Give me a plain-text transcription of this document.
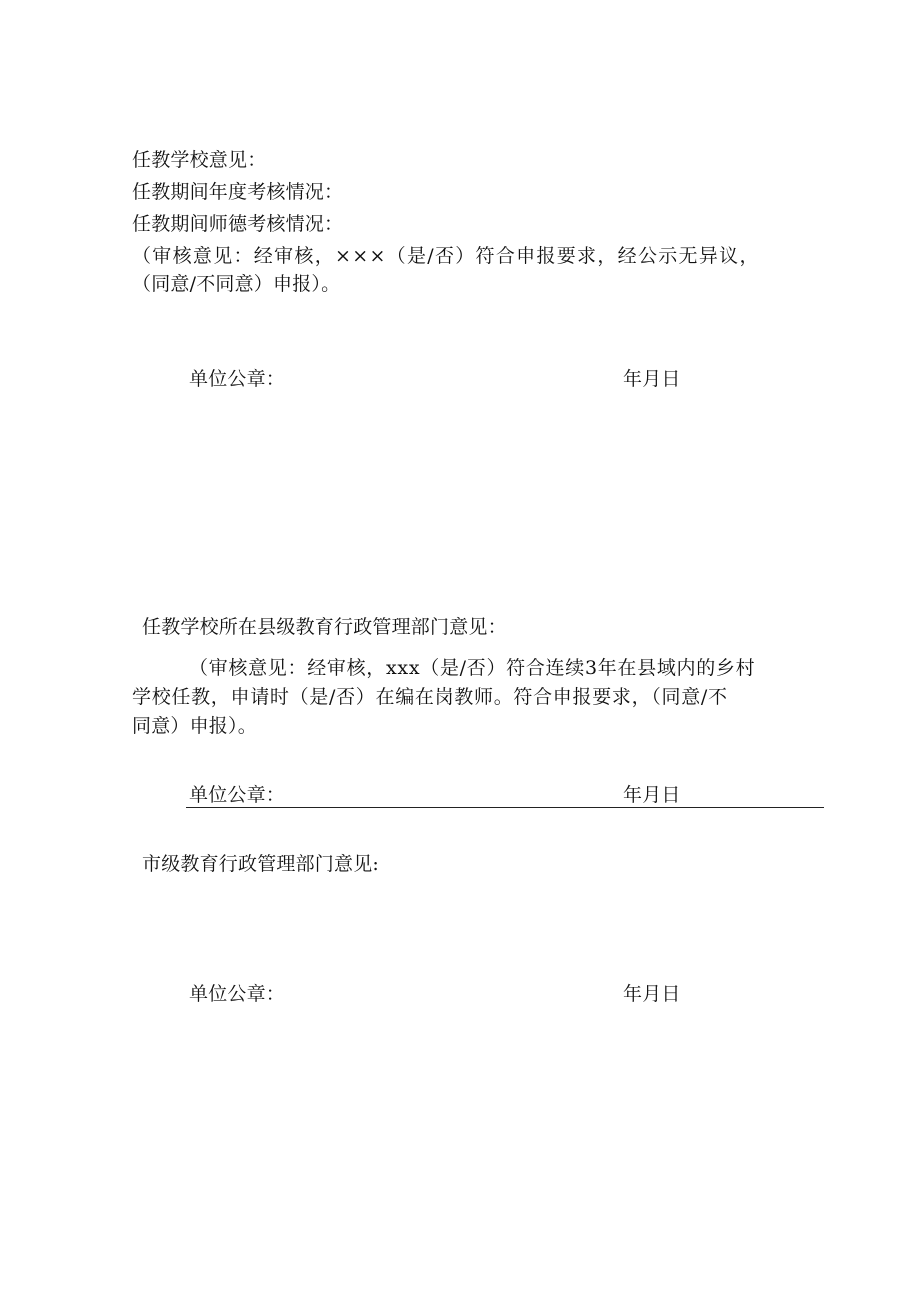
任教学校意见：
任教期间年度考核情况：
任教期间师德考核情况：
（审核意见：经审核，×××（是/否）符合申报要求，经公示无异议，
（同意/不同意）申报）。
单位公章：	年月日
任教学校所在县级教育行政管理部门意见：
（审核意见：经审核，xxx（是/否）符合连续3年在县域内的乡村
学校任教，申请时（是/否）在编在岗教师。符合申报要求，（同意/不
同意）申报）。
单位公章：	年月日
市级教育行政管理部门意见:
单位公章：	年月日
